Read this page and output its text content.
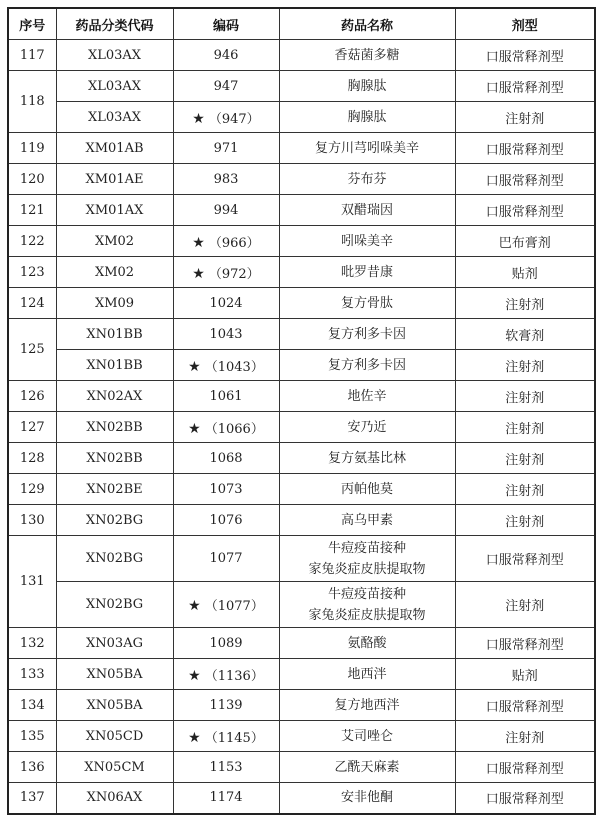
序号	药品分类代码	编码	药品名称	剂型
117	XL03AX	946	香菇菌多糖	口服常释剂型
118	XL03AX	947	胸腺肽	口服常释剂型
	XL03AX	★ （947）	胸腺肽	注射剂
119	XM01AB	971	复方川芎吲哚美辛	口服常释剂型
120	XM01AE	983	芬布芬	口服常释剂型
121	XM01AX	994	双醋瑞因	口服常释剂型
122	XM02	★ （966）	吲哚美辛	巴布膏剂
123	XM02	★ （972）	吡罗昔康	贴剂
124	XM09	1024	复方骨肽	注射剂
125	XN01BB	1043	复方利多卡因	软膏剂
	XN01BB	★ （1043）	复方利多卡因	注射剂
126	XN02AX	1061	地佐辛	注射剂
127	XN02BB	★ （1066）	安乃近	注射剂
128	XN02BB	1068	复方氨基比林	注射剂
129	XN02BE	1073	丙帕他莫	注射剂
130	XN02BG	1076	高乌甲素	注射剂
131	XN02BG	1077	牛痘疫苗接种
家兔炎症皮肤提取物	口服常释剂型
	XN02BG	★ （1077）	牛痘疫苗接种
家兔炎症皮肤提取物	注射剂
132	XN03AG	1089	氨酪酸	口服常释剂型
133	XN05BA	★ （1136）	地西泮	贴剂
134	XN05BA	1139	复方地西泮	口服常释剂型
135	XN05CD	★ （1145）	艾司唑仑	注射剂
136	XN05CM	1153	乙酰天麻素	口服常释剂型
137	XN06AX	1174	安非他酮	口服常释剂型
